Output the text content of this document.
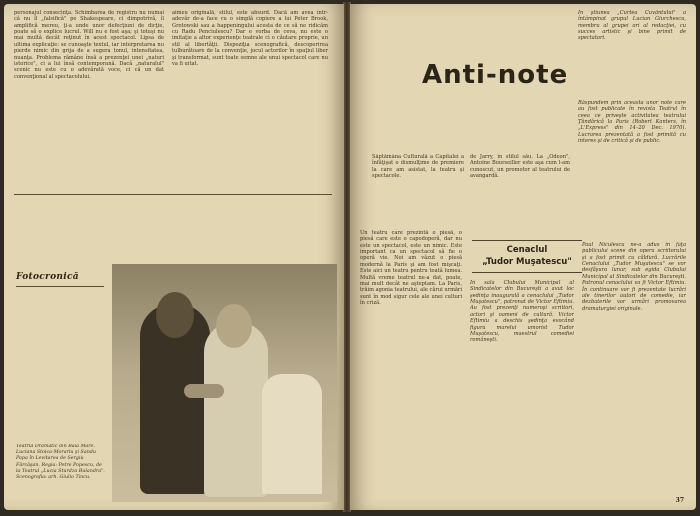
personajul consecinţa. Schimbarea de registru nu numai că nu îl „falsifică" pe Shakespeare, ci dimpotrivă, îl amplifică mereu, ţi-a unde unor defecţiuni de dicţie, poate să o explice lucrul. Will nu e fost aşa; şi totuşi nu mai multă decât reţinut în acest spectacol. Lipsa de ultima explicaţie: se cunoaşte textul, iar interpretarea nu pierde nimic din grija de a sugera tonul, intensitatea, nuanţa. Problema rămâne însă a prezenţei unei „naturi istorice", ci a lui însă contemporană. Dacă „naturalul" scenic nu este cu o adevărată voce, ci că un dat convenţional al spectacolului.
aimeu originală, stilul, este absurd. Dacă am avea într-adevăr de-a face cu o simplă copiere a lui Peter Brook, Grotowski sau a happeningului acesta de ce să ne ridicăm cu Radu Penciulescu? Dar e vorba de ceva, nu este o imitaţie a altor experienţe teatrale ci o căutare proprie, un stil al libertăţii. Dispoziţia scenografică, descoperirea tulburătoare de la convenţie, jocul actorilor în spaţiul liber şi transformat, sunt toate semne ale unui spectacol care nu va fi uitat.
Fotocronică
Teatrul Dramatic din Baia Mare. Luciana Stoica-Morariu şi Sandu Papa în Levitarea de Sergiu Fărcăşan. Regia: Petre Popescu, de la Teatrul „Lucia Sturdza Bulandra". Scenografia: arh. Giulio Tincu.
Anti-note
În ştiunea „Curtea Cuvântului" a întâmpinat grupul Lucian Giurchescu, membru al grupei ori al redacţiei, cu succes artistic şi bine primit de spectatori.
Răspundem prin aceasta unor note care au fost publicate în revista Teatrul în ceea ce priveşte activitatea teatrului Ţăndărică la Paris (Robert Kanters, în „L'Express" din 14–20 Dec. 1970). Lucrarea prezentată a fost primită cu interes şi de critică şi de public.
Săptămâna Culturală a Capitalei a înfăţişat o dismulţime de premiere la care am asistat, la teatru şi spectacole.
de Jarry, în stilul său. La „Odeon", Antoine Bourseiller este aşa cum l-am cunoscut, un promotor al teatrului de avangardă.
Un teatru care prezintă o piesă, o piesă care este o capodoperă, dar nu este un spectacol, este un nimic. Este important ca un spectacol să fie o operă vie. Noi am văzut o piesă modernă la Paris şi am fost mişcaţi. Este aici un teatru pentru toată lumea. Multă vreme teatrul ne-a dat, poate, mai mult decât ne aşteptam. La Paris, trăim agonia teatrului, ale cărui urmări sunt în mod sigur cele ale unei culturi în criză.
Cenaclul
„Tudor Muşatescu"
În sala Clubului Municipal al Sindicatelor din Bucureşti a avut loc şedinţa inaugurală a cenaclului „Tudor Muşatescu", patronat de Victor Eftimiu. Au fost prezenţi numeroşi scriitori, actori şi oameni de cultură. Victor Eftimiu a deschis şedinţa evocând figura marelui umorist Tudor Muşatescu, maestrul comediei româneşti.
Paul Niculescu ne-a adus în faţa publicului scene din opera scriitorului şi a fost primit cu căldură. Lucrările Cenaclului „Tudor Muşatescu" se vor desfăşura lunar, sub egida Clubului Municipal al Sindicatelor din Bucureşti. Patronul cenaclului va fi Victor Eftimiu. În continuare vor fi prezentate lucrări ale tinerilor autori de comedie, iar dezbaterile vor urmări promovarea dramaturgiei originale.
37
